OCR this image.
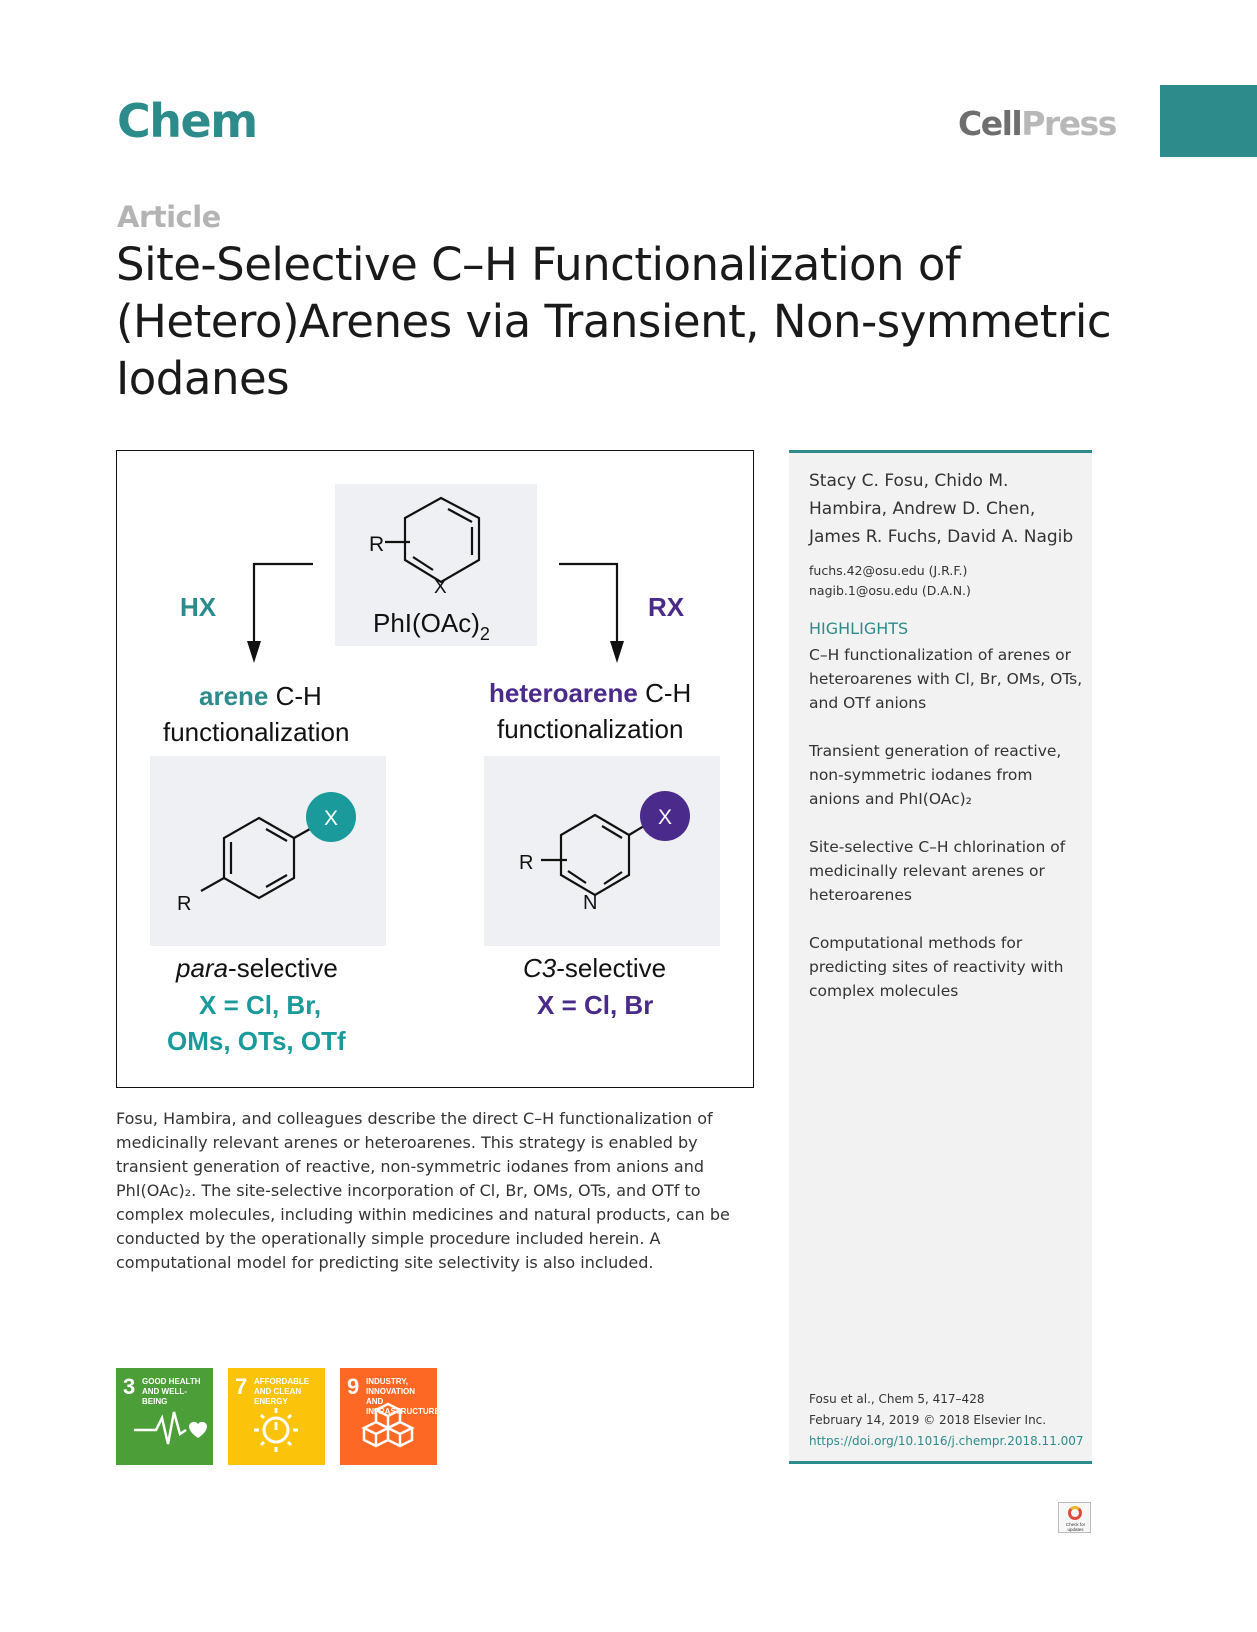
Chem	CellPress
Article
Site-Selective C–H Functionalization of
(Hetero)Arenes via Transient, Non-symmetric
Iodanes
R
X
$PhI(OAc)_2$
HX	RX
arene C-H
functionalization
heteroarene C-H
functionalization
X
R
X
R
N
para-selective
X = Cl, Br,
OMs, OTs, OTf
C3-selective
X = Cl, Br

Fosu, Hambira, and colleagues describe the direct C–H functionalization of medicinally relevant arenes or heteroarenes. This strategy is enabled by transient generation of reactive, non-symmetric iodanes from anions and PhI(OAc)₂. The site-selective incorporation of Cl, Br, OMs, OTs, and OTf to complex molecules, including within medicines and natural products, can be conducted by the operationally simple procedure included herein. A computational model for predicting site selectivity is also included.

3 GOOD HEALTH AND WELL-BEING
7 AFFORDABLE AND CLEAN ENERGY
9 INDUSTRY, INNOVATION AND INFRASTRUCTURE
Stacy C. Fosu, Chido M. Hambira, Andrew D. Chen, James R. Fuchs, David A. Nagib
fuchs.42@osu.edu (J.R.F.)
nagib.1@osu.edu (D.A.N.)
HIGHLIGHTS
C–H functionalization of arenes or heteroarenes with Cl, Br, OMs, OTs, and OTf anions
Transient generation of reactive, non-symmetric iodanes from anions and PhI(OAc)₂
Site-selective C–H chlorination of medicinally relevant arenes or heteroarenes
Computational methods for predicting sites of reactivity with complex molecules
Fosu et al., Chem 5, 417–428
February 14, 2019 © 2018 Elsevier Inc.
https://doi.org/10.1016/j.chempr.2018.11.007
Check for updates
